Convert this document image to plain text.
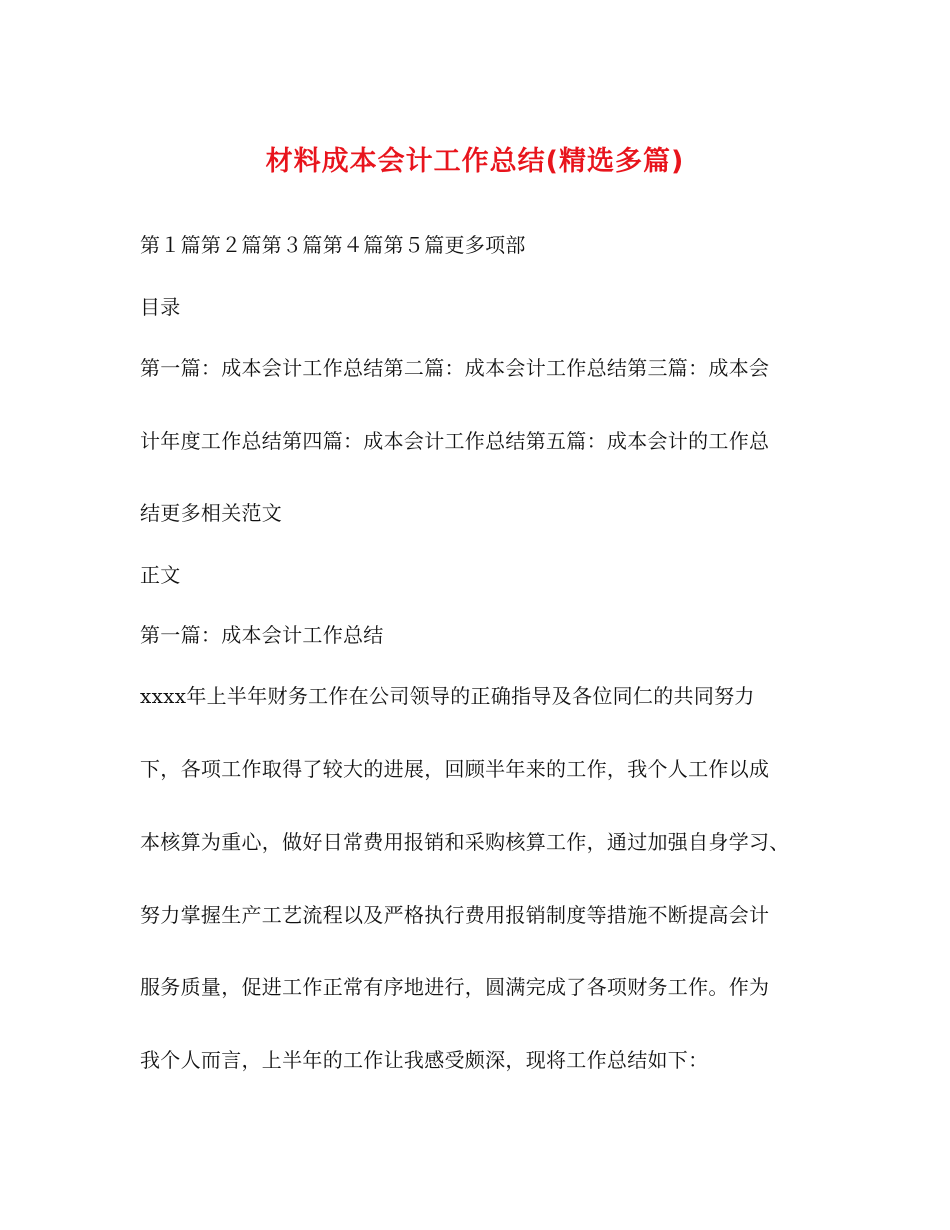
材料成本会计工作总结(精选多篇)
第１篇第２篇第３篇第４篇第５篇更多项部
目录
第一篇：成本会计工作总结第二篇：成本会计工作总结第三篇：成本会
计年度工作总结第四篇：成本会计工作总结第五篇：成本会计的工作总
结更多相关范文
正文
第一篇：成本会计工作总结
xxxx年上半年财务工作在公司领导的正确指导及各位同仁的共同努力
下，各项工作取得了较大的进展，回顾半年来的工作，我个人工作以成
本核算为重心，做好日常费用报销和采购核算工作，通过加强自身学习、
努力掌握生产工艺流程以及严格执行费用报销制度等措施不断提高会计
服务质量，促进工作正常有序地进行，圆满完成了各项财务工作。作为
我个人而言，上半年的工作让我感受颇深，现将工作总结如下：
